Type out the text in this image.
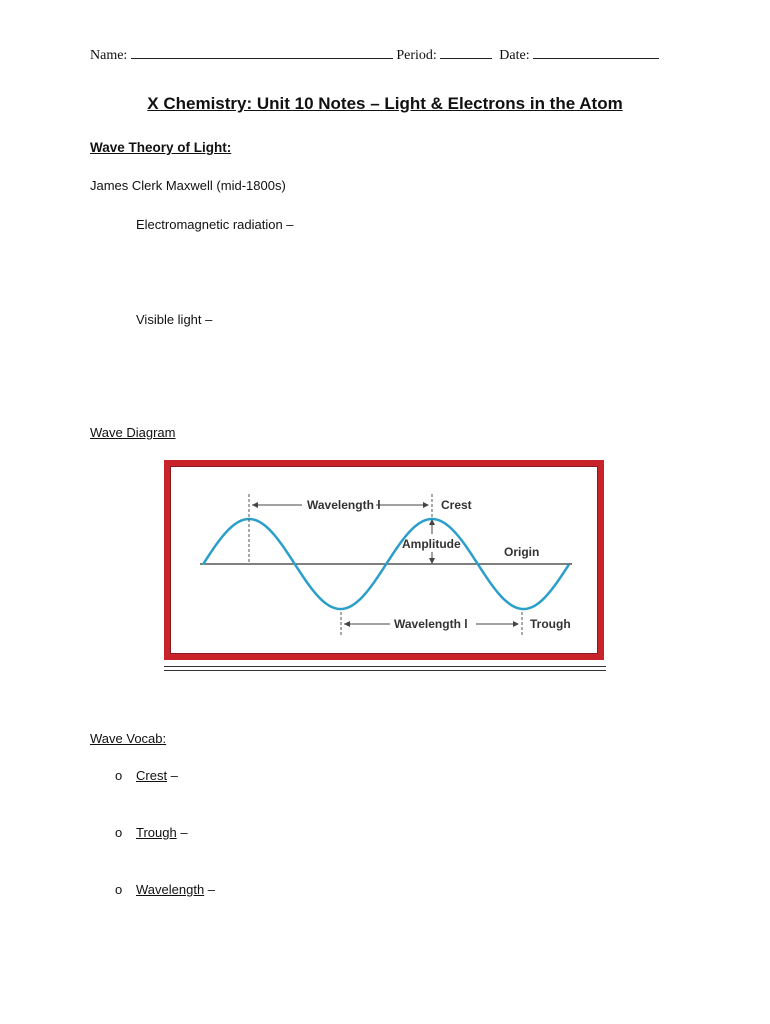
Name:	Period:	Date:
X Chemistry: Unit 10 Notes – Light & Electrons in the Atom
Wave Theory of Light:
James Clerk Maxwell (mid-1800s)
Electromagnetic radiation –
Visible light –
Wave Diagram
Wavelength l	Crest
Amplitude
Origin
Wavelength l	Trough
Wave Vocab:
o Crest –
o Trough –
o Wavelength –
